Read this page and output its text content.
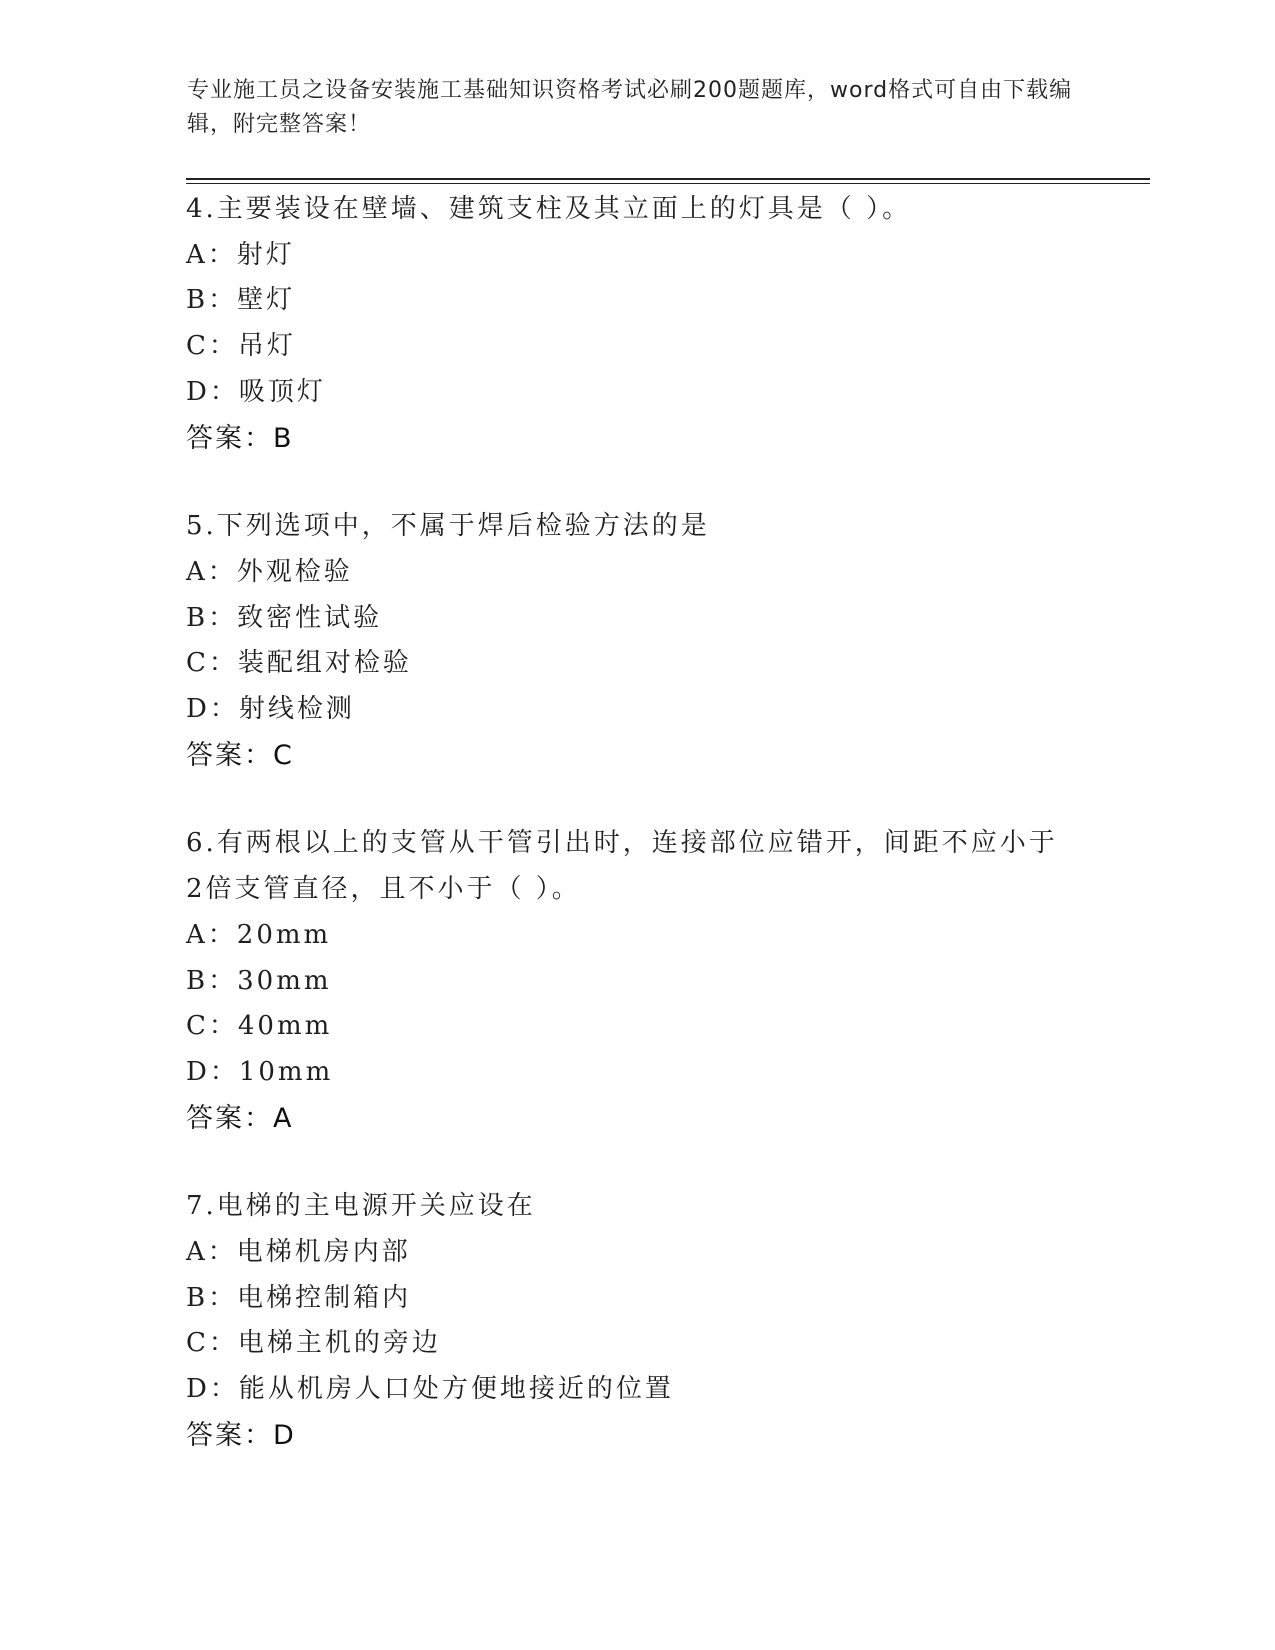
专业施工员之设备安装施工基础知识资格考试必刷200题题库，word格式可自由下载编辑，附完整答案！
4.主要装设在壁墙、建筑支柱及其立面上的灯具是（ ）。
A：射灯
B：壁灯
C：吊灯
D：吸顶灯
答案：B
5.下列选项中，不属于焊后检验方法的是
A：外观检验
B：致密性试验
C：装配组对检验
D：射线检测
答案：C
6.有两根以上的支管从干管引出时，连接部位应错开，间距不应小于
2倍支管直径，且不小于（ ）。
A：20mm
B：30mm
C：40mm
D：10mm
答案：A
7.电梯的主电源开关应设在
A：电梯机房内部
B：电梯控制箱内
C：电梯主机的旁边
D：能从机房人口处方便地接近的位置
答案：D
